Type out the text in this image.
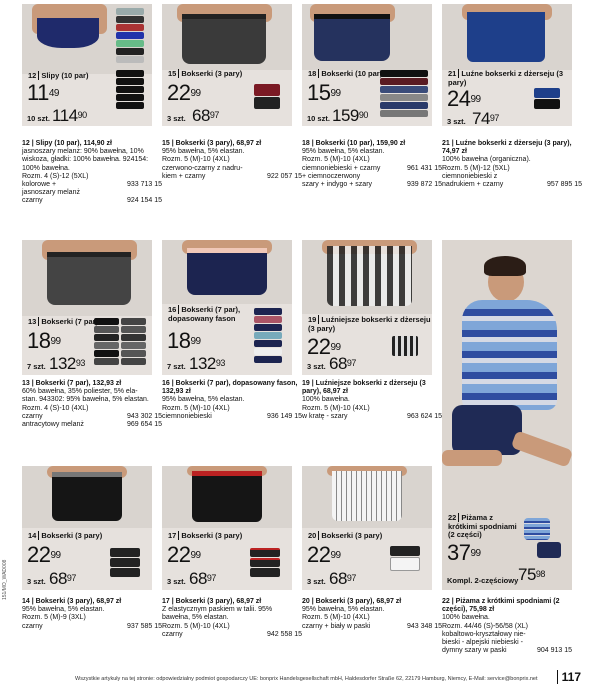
12 Slipy (10 par)
$11^{49}$
10 szt. $114^{90}$
15 Bokserki (3 pary)
$22^{99}$
3 szt. $68^{97}$
18 Bokserki (10 par)
$15^{99}$
10 szt. $159^{90}$
21 Luźne bokserki z dżerseju (3 pary)
$24^{99}$
3 szt. $74^{97}$
12 | Slipy (10 par), 114,90 zł
jasnoszary melanż: 90% bawełna, 10%
wiskoza, gładki: 100% bawełna. 924154:
100% bawełna.
Rozm. 4 (S)-12 (5XL)
kolorowe +	933 713 15
jasnoszary melanż
czarny	924 154 15
15 | Bokserki (3 pary), 68,97 zł
95% bawełna, 5% elastan.
Rozm. 5 (M)-10 (4XL)
czerwono-czarny z nadru-
kiem + czarny	922 057 15
18 | Bokserki (10 par), 159,90 zł
95% bawełna, 5% elastan.
Rozm. 5 (M)-10 (4XL)
ciemnoniebieski + czarny	961 431 15
+ ciemnoczerwony
szary + indygo + szary	939 872 15
21 | Luźne bokserki z dżerseju (3 pary), 74,97 zł
100% bawełna (organiczna).
Rozm. 5 (M)-12 (5XL)
ciemnoniebieski z
nadrukiem + czarny	957 895 15
13 Bokserki (7 par)
$18^{99}$
7 szt. $132^{93}$
16 Bokserki (7 par), dopasowany fason
$18^{99}$
7 szt. $132^{93}$
19 Luźniejsze bokserki z dżerseju (3 pary)
$22^{99}$
3 szt. $68^{97}$
13 | Bokserki (7 par), 132,93 zł
60% bawełna, 35% poliester, 5% ela-
stan. 943302: 95% bawełna, 5% elastan.
Rozm. 4 (S)-10 (4XL)
czarny	943 302 15
antracytowy melanż	969 654 15
16 | Bokserki (7 par), dopasowany fason, 132,93 zł
95% bawełna, 5% elastan.
Rozm. 5 (M)-10 (4XL)
ciemnoniebieski	936 149 15
19 | Luźniejsze bokserki z dżerseju (3 pary), 68,97 zł
100% bawełna.
Rozm. 5 (M)-10 (4XL)
w kratę - szary	963 624 15
14 Bokserki (3 pary)
$22^{99}$
3 szt. $68^{97}$
17 Bokserki (3 pary)
$22^{99}$
3 szt. $68^{97}$
20 Bokserki (3 pary)
$22^{99}$
3 szt. $68^{97}$
22 Piżama z krótkimi spodniami (2 części)
$37^{99}$
Kompl. 2-częściowy $75^{98}$
14 | Bokserki (3 pary), 68,97 zł
95% bawełna, 5% elastan.
Rozm. 5 (M)-9 (3XL)
czarny	937 585 15
17 | Bokserki (3 pary), 68,97 zł
Z elastycznym paskiem w talii. 95%
bawełna, 5% elastan.
Rozm. 5 (M)-10 (4XL)
czarny	942 558 15
20 | Bokserki (3 pary), 68,97 zł
95% bawełna, 5% elastan.
Rozm. 5 (M)-10 (4XL)
czarny + biały w paski	943 348 15
22 | Piżama z krótkimi spodniami (2 części), 75,98 zł
100% bawełna.
Rozm. 44/46 (S)-56/58 (XL)
kobaltowo-kryształowy nie-
bieski - alpejski niebieski -
dymny szary w paski	904 913 15
Wszystkie artykuły na tej stronie: odpowiedzialny podmiot gospodarczy UE: bonprix Handelsgesellschaft mbH, Haldesdorfer Straße 62, 22179 Hamburg, Niemcy, E-Mail: service@bonprix.net
151/MO_WAD008
117
